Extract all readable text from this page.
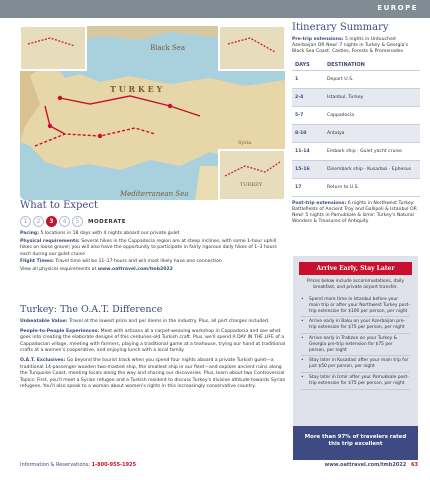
EUROPE
Black Sea
T U R K E Y
Syria
Mediterranean Sea
TURKEY
What to Expect
1	2	3	4	5	MODERATE
Pacing: 5 locations in 18 days with 4 nights aboard our private gulet
Physical requirements: Several hikes in the Cappadocia region are at steep inclines, with some 1-hour uphill hikes on loose gravel; you will also have the opportunity to participate in fairly rigorous daily hikes of 1–3 hours each during our gulet cruise
Flight Times: Travel time will be 11–17 hours and will most likely have one connection
View all physical requirements at www.oattravel.com/tmb2022
Turkey: The O.A.T. Difference
Unbeatable Value: Travel at the lowest price and per diems in the industry. Plus, all port charges included.
People-to-People Experiences: Meet with artisans at a carpet-weaving workshop in Cappadocia and see what goes into creating the elaborate designs of this centuries-old Turkish craft. Plus, we'll spend A DAY IN THE LIFE of a Cappadocian village, meeting with farmers, playing a traditional game at a teahouse, trying our hand at traditional crafts at a women's cooperative, and enjoying lunch with a local family.
O.A.T. Exclusives: Go beyond the tourist track when you spend four nights aboard a private Turkish gulet—a traditional 14-passenger wooden two-masted ship, the smallest ship in our fleet—and explore ancient ruins along the Turquoise Coast, meeting locals along the way and sharing our discoveries. Plus, learn about two Controversial Topics: First, you'll meet a Syrian refugee and a Turkish resident to discuss Turkey's divisive attitude towards Syrian refugees. You'll also speak to a woman about women's rights in this increasingly conservative country.
Itinerary Summary
Pre-trip extensions: 5 nights in Untouched Azerbaijan OR New! 7 nights in Turkey & Georgia's Black Sea Coast: Castles, Forests & Promenades
DAYS	DESTINATION
1	Depart U.S.
2-4	Istanbul, Turkey
5-7	Cappadocia
8-10	Antalya
11-14	Embark ship · Gulet yacht cruise
15-16	Disembark ship · Kusadasi · Ephesus
17	Return to U.S.
Post-trip extensions: 6 nights in Northwest Turkey: Battlefields of Ancient Troy and Gallipoli & Istanbul OR New! 5 nights in Pamukkale & Izmir: Turkey's Natural Wonders & Treasures of Antiquity
Arrive Early, Stay Later
Prices below include accommodations, daily breakfast, and private airport transfer.
• Spend more time in Istanbul before your main trip or after your Northwest Turkey post-trip extension for $100 per person, per night
• Arrive early in Baku on your Azerbaijan pre-trip extension for $75 per person, per night
• Arrive early in Trabzon on your Turkey & Georgia pre-trip extension for $75 per person, per night
• Stay later in Kusadasi after your main trip for just $50 per person, per night
• Stay later in Izmir after your Pamukkale post-trip extension for $75 per person, per night
More than 97% of travelers rated
this trip excellent
Information & Reservations: 1-800-955-1925	www.oattravel.com/tmb2022 63
